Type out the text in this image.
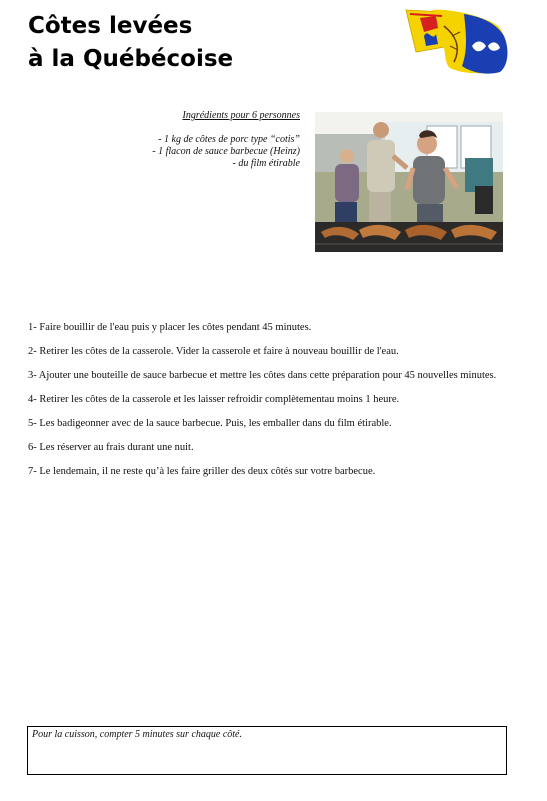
Côtes levées
à la Québécoise
Ingrédients pour 6 personnes
- 1 kg de côtes de porc type “cotis”
- 1 flacon de sauce barbecue (Heinz)
- du film étirable

1- Faire bouillir de l'eau puis y placer les côtes pendant 45 minutes.

2- Retirer les côtes de la casserole. Vider la casserole et faire à nouveau bouillir de l'eau.

3- Ajouter une bouteille de sauce barbecue et mettre les côtes dans cette préparation pour 45 nouvelles minutes.

4- Retirer les côtes de la casserole et les laisser refroidir complètementau moins 1 heure.

5- Les badigeonner avec de la sauce barbecue. Puis, les emballer dans du film étirable.

6- Les réserver au frais durant une nuit.

7- Le lendemain, il ne reste qu’à les faire griller des deux côtés sur votre barbecue.

Pour la cuisson, compter 5 minutes sur chaque côté.
